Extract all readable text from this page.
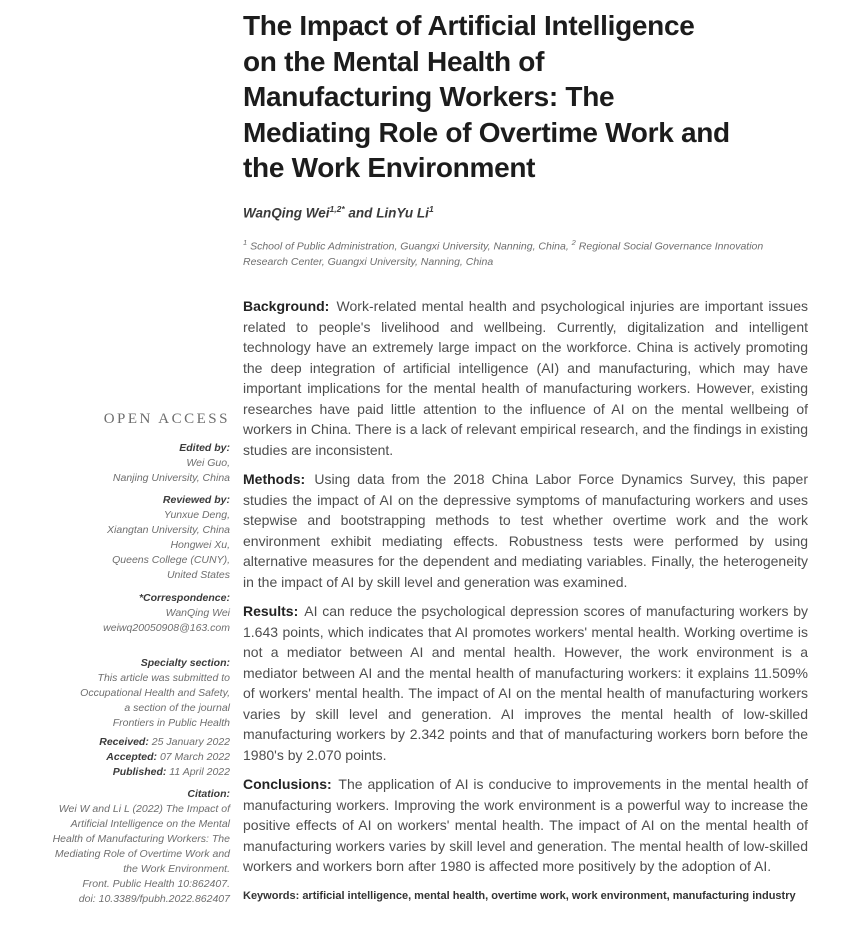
OPEN ACCESS
Edited by:
Wei Guo,
Nanjing University, China
Reviewed by:
Yunxue Deng,
Xiangtan University, China
Hongwei Xu,
Queens College (CUNY),
United States
*Correspondence:
WanQing Wei
weiwq20050908@163.com
Specialty section:
This article was submitted to
Occupational Health and Safety,
a section of the journal
Frontiers in Public Health
Received: 25 January 2022
Accepted: 07 March 2022
Published: 11 April 2022
Citation:
Wei W and Li L (2022) The Impact of
Artificial Intelligence on the Mental
Health of Manufacturing Workers: The
Mediating Role of Overtime Work and
the Work Environment.
Front. Public Health 10:862407.
doi: 10.3389/fpubh.2022.862407
The Impact of Artificial Intelligence
on the Mental Health of
Manufacturing Workers: The
Mediating Role of Overtime Work and
the Work Environment
WanQing Wei$^{1,2*}$ and LinYu Li$^1$
$^1$ School of Public Administration, Guangxi University, Nanning, China, $^2$ Regional Social Governance Innovation Research Center, Guangxi University, Nanning, China

Background: Work-related mental health and psychological injuries are important issues related to people's livelihood and wellbeing. Currently, digitalization and intelligent technology have an extremely large impact on the workforce. China is actively promoting the deep integration of artificial intelligence (AI) and manufacturing, which may have important implications for the mental health of manufacturing workers. However, existing researches have paid little attention to the influence of AI on the mental wellbeing of workers in China. There is a lack of relevant empirical research, and the findings in existing studies are inconsistent.

Methods: Using data from the 2018 China Labor Force Dynamics Survey, this paper studies the impact of AI on the depressive symptoms of manufacturing workers and uses stepwise and bootstrapping methods to test whether overtime work and the work environment exhibit mediating effects. Robustness tests were performed by using alternative measures for the dependent and mediating variables. Finally, the heterogeneity in the impact of AI by skill level and generation was examined.

Results: AI can reduce the psychological depression scores of manufacturing workers by 1.643 points, which indicates that AI promotes workers' mental health. Working overtime is not a mediator between AI and mental health. However, the work environment is a mediator between AI and the mental health of manufacturing workers: it explains 11.509% of workers' mental health. The impact of AI on the mental health of manufacturing workers varies by skill level and generation. AI improves the mental health of low-skilled manufacturing workers by 2.342 points and that of manufacturing workers born before the 1980's by 2.070 points.

Conclusions: The application of AI is conducive to improvements in the mental health of manufacturing workers. Improving the work environment is a powerful way to increase the positive effects of AI on workers' mental health. The impact of AI on the mental health of manufacturing workers varies by skill level and generation. The mental health of low-skilled workers and workers born after 1980 is affected more positively by the adoption of AI.

Keywords: artificial intelligence, mental health, overtime work, work environment, manufacturing industry
